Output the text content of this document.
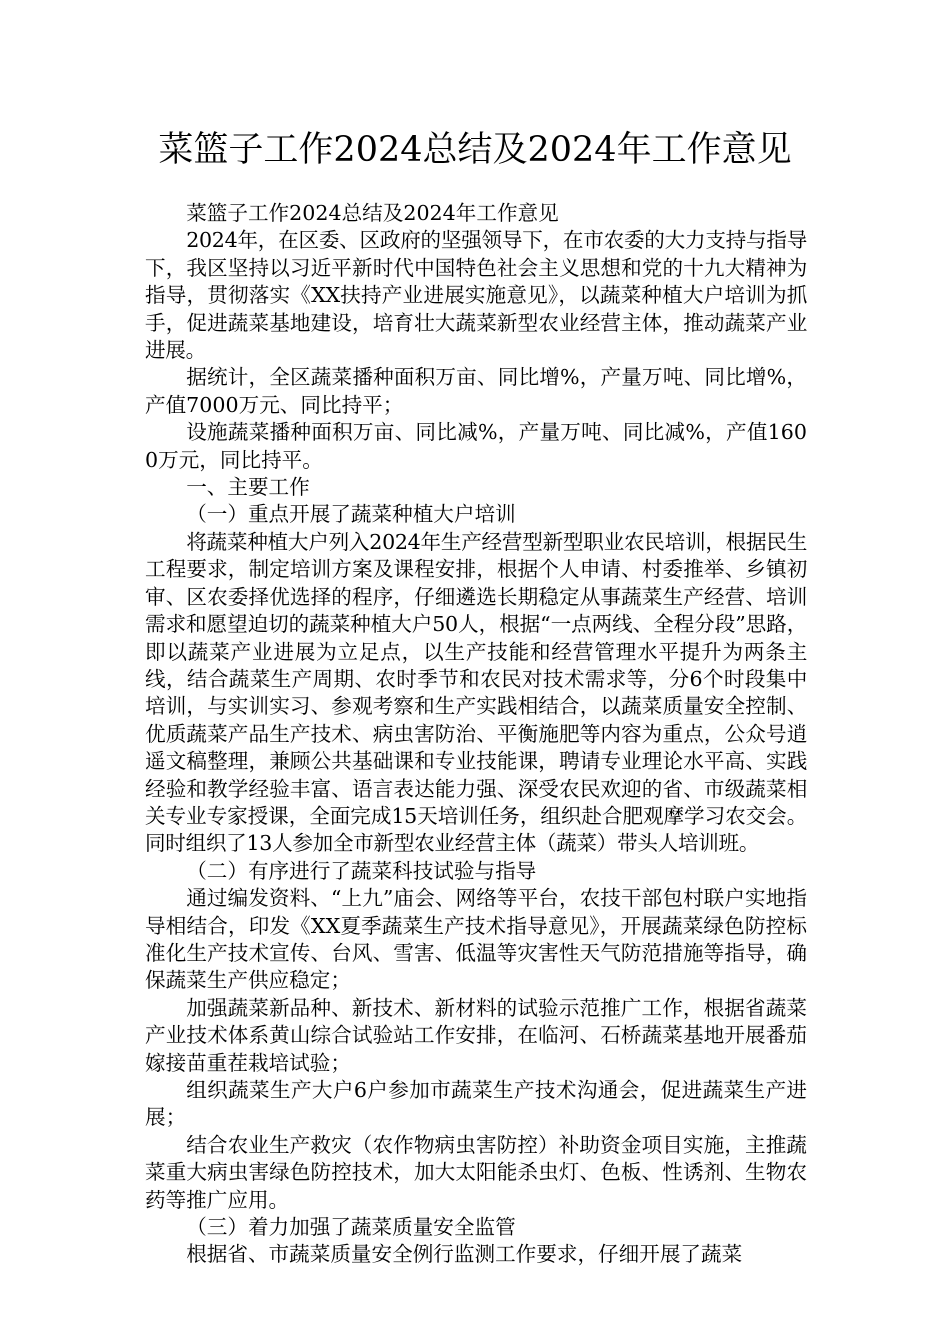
菜篮子工作2024总结及2024年工作意见

菜篮子工作2024总结及2024年工作意见

2024年，在区委、区政府的坚强领导下，在市农委的大力支持与指导下，我区坚持以习近平新时代中国特色社会主义思想和党的十九大精神为指导，贯彻落实《XX扶持产业进展实施意见》，以蔬菜种植大户培训为抓手，促进蔬菜基地建设，培育壮大蔬菜新型农业经营主体，推动蔬菜产业进展。

据统计，全区蔬菜播种面积万亩、同比增%，产量万吨、同比增%，产值7000万元、同比持平；

设施蔬菜播种面积万亩、同比减%，产量万吨、同比减%，产值1600万元，同比持平。

一、主要工作

（一）重点开展了蔬菜种植大户培训

将蔬菜种植大户列入2024年生产经营型新型职业农民培训，根据民生工程要求，制定培训方案及课程安排，根据个人申请、村委推举、乡镇初审、区农委择优选择的程序，仔细遴选长期稳定从事蔬菜生产经营、培训需求和愿望迫切的蔬菜种植大户50人，根据“一点两线、全程分段”思路，即以蔬菜产业进展为立足点，以生产技能和经营管理水平提升为两条主线，结合蔬菜生产周期、农时季节和农民对技术需求等，分6个时段集中培训，与实训实习、参观考察和生产实践相结合，以蔬菜质量安全控制、优质蔬菜产品生产技术、病虫害防治、平衡施肥等内容为重点，公众号逍遥文稿整理，兼顾公共基础课和专业技能课，聘请专业理论水平高、实践经验和教学经验丰富、语言表达能力强、深受农民欢迎的省、市级蔬菜相关专业专家授课，全面完成15天培训任务，组织赴合肥观摩学习农交会。同时组织了13人参加全市新型农业经营主体（蔬菜）带头人培训班。

（二）有序进行了蔬菜科技试验与指导

通过编发资料、“上九”庙会、网络等平台，农技干部包村联户实地指导相结合，印发《XX夏季蔬菜生产技术指导意见》，开展蔬菜绿色防控标准化生产技术宣传、台风、雪害、低温等灾害性天气防范措施等指导，确保蔬菜生产供应稳定；

加强蔬菜新品种、新技术、新材料的试验示范推广工作，根据省蔬菜产业技术体系黄山综合试验站工作安排，在临河、石桥蔬菜基地开展番茄嫁接苗重茬栽培试验；

组织蔬菜生产大户6户参加市蔬菜生产技术沟通会，促进蔬菜生产进展；

结合农业生产救灾（农作物病虫害防控）补助资金项目实施，主推蔬菜重大病虫害绿色防控技术，加大太阳能杀虫灯、色板、性诱剂、生物农药等推广应用。

（三）着力加强了蔬菜质量安全监管

根据省、市蔬菜质量安全例行监测工作要求，仔细开展了蔬菜
